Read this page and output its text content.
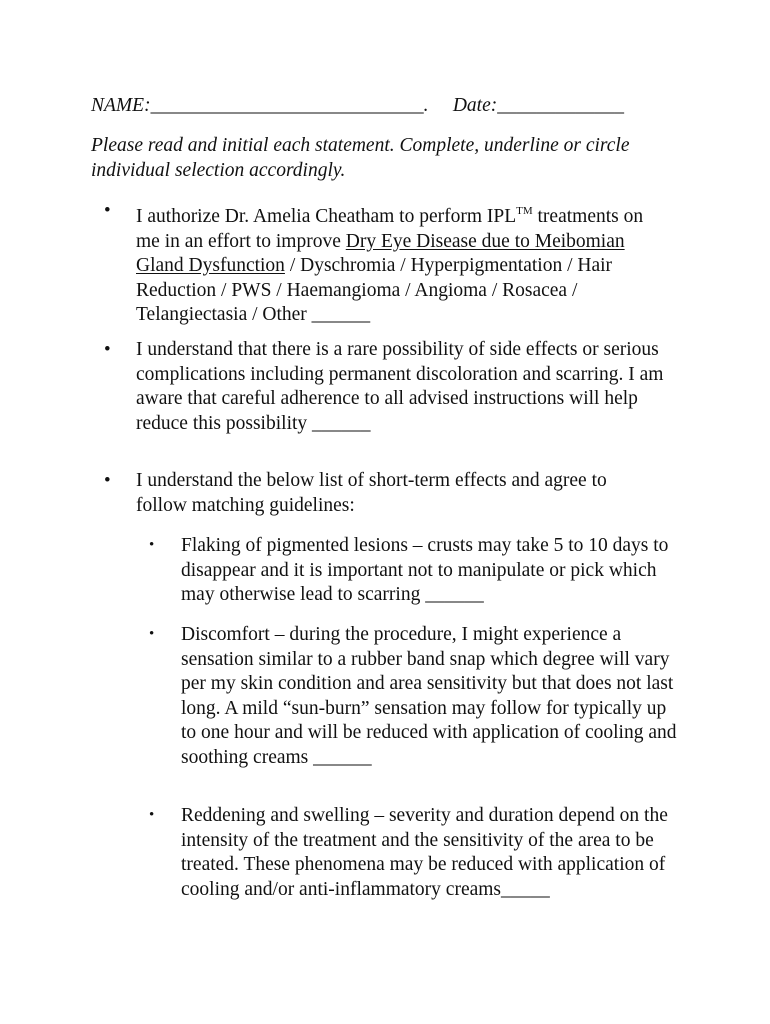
NAME:____________________________. Date:_____________
Please read and initial each statement. Complete, underline or circle individual selection accordingly.
• I authorize Dr. Amelia Cheatham to perform IPL™ treatments on me in an effort to improve Dry Eye Disease due to Meibomian Gland Dysfunction / Dyschromia / Hyperpigmentation / Hair Reduction / PWS / Haemangioma / Angioma / Rosacea / Telangiectasia / Other ______
• I understand that there is a rare possibility of side effects or serious complications including permanent discoloration and scarring. I am aware that careful adherence to all advised instructions will help reduce this possibility ______
• I understand the below list of short-term effects and agree to follow matching guidelines:
• Flaking of pigmented lesions – crusts may take 5 to 10 days to disappear and it is important not to manipulate or pick which may otherwise lead to scarring ______
• Discomfort – during the procedure, I might experience a sensation similar to a rubber band snap which degree will vary per my skin condition and area sensitivity but that does not last long. A mild “sun-burn” sensation may follow for typically up to one hour and will be reduced with application of cooling and soothing creams ______
• Reddening and swelling – severity and duration depend on the intensity of the treatment and the sensitivity of the area to be treated. These phenomena may be reduced with application of cooling and/or anti-inflammatory creams_____
